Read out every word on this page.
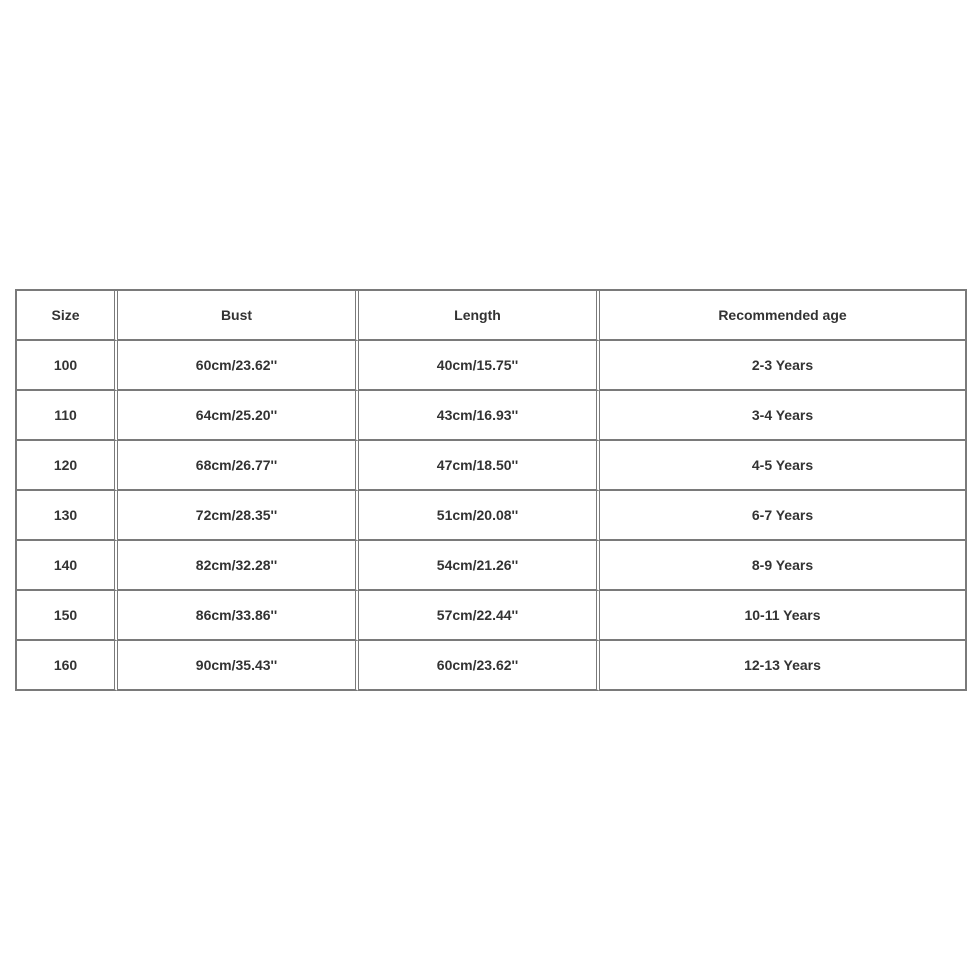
Size	Bust	Length	Recommended age
100	60cm/23.62''	40cm/15.75''	2-3 Years
110	64cm/25.20''	43cm/16.93''	3-4 Years
120	68cm/26.77''	47cm/18.50''	4-5 Years
130	72cm/28.35''	51cm/20.08''	6-7 Years
140	82cm/32.28''	54cm/21.26''	8-9 Years
150	86cm/33.86''	57cm/22.44''	10-11 Years
160	90cm/35.43''	60cm/23.62''	12-13 Years
